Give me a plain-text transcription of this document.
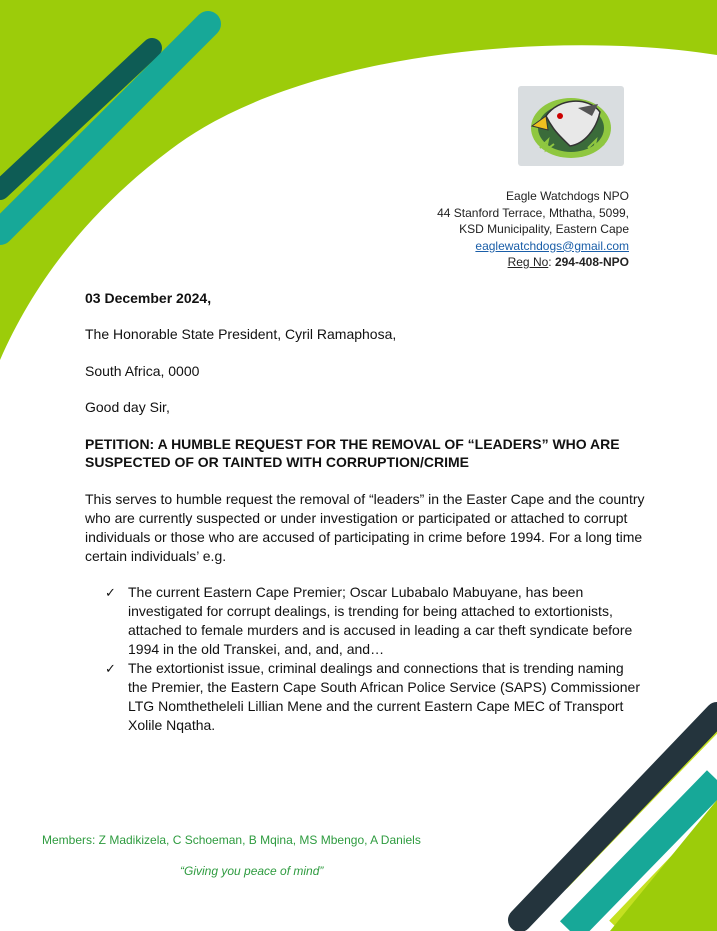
Eagle Watchdogs NPO
44 Stanford Terrace, Mthatha, 5099,
KSD Municipality, Eastern Cape
eaglewatchdogs@gmail.com
Reg No: 294-408-NPO
03 December 2024,
The Honorable State President, Cyril Ramaphosa,
South Africa, 0000
Good day Sir,
PETITION: A HUMBLE REQUEST FOR THE REMOVAL OF “LEADERS” WHO ARE SUSPECTED OF OR TAINTED WITH CORRUPTION/CRIME
This serves to humble request the removal of “leaders” in the Easter Cape and the country who are currently suspected or under investigation or participated or attached to corrupt individuals or those who are accused of participating in crime before 1994. For a long time certain individuals’ e.g.
✓ The current Eastern Cape Premier; Oscar Lubabalo Mabuyane, has been investigated for corrupt dealings, is trending for being attached to extortionists, attached to female murders and is accused in leading a car theft syndicate before 1994 in the old Transkei, and, and, and…
✓ The extortionist issue, criminal dealings and connections that is trending naming the Premier, the Eastern Cape South African Police Service (SAPS) Commissioner LTG Nomthetheleli Lillian Mene and the current Eastern Cape MEC of Transport Xolile Nqatha.
Members: Z Madikizela, C Schoeman, B Mqina, MS Mbengo, A Daniels
“Giving you peace of mind”
